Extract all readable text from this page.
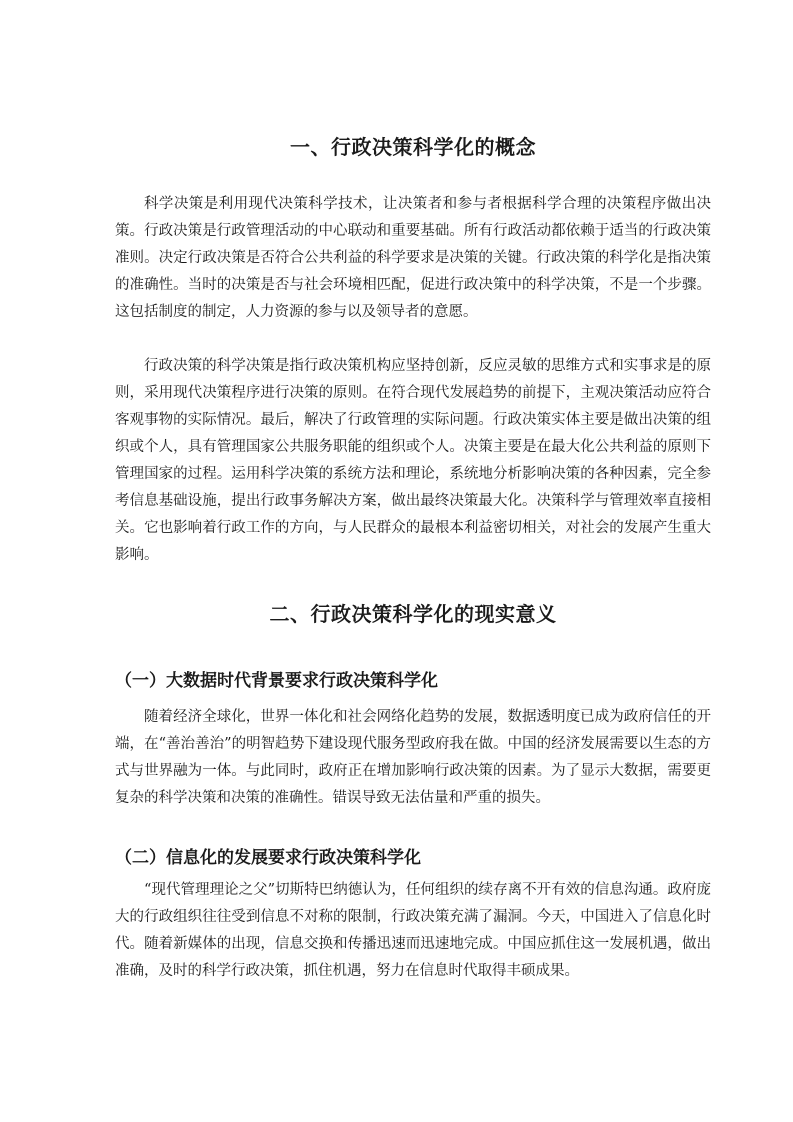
一、行政决策科学化的概念

科学决策是利用现代决策科学技术，让决策者和参与者根据科学合理的决策程序做出决策。行政决策是行政管理活动的中心联动和重要基础。所有行政活动都依赖于适当的行政决策准则。决定行政决策是否符合公共利益的科学要求是决策的关键。行政决策的科学化是指决策的准确性。当时的决策是否与社会环境相匹配，促进行政决策中的科学决策，不是一个步骤。这包括制度的制定，人力资源的参与以及领导者的意愿。

行政决策的科学决策是指行政决策机构应坚持创新，反应灵敏的思维方式和实事求是的原则，采用现代决策程序进行决策的原则。在符合现代发展趋势的前提下，主观决策活动应符合客观事物的实际情况。最后，解决了行政管理的实际问题。行政决策实体主要是做出决策的组织或个人，具有管理国家公共服务职能的组织或个人。决策主要是在最大化公共利益的原则下管理国家的过程。运用科学决策的系统方法和理论，系统地分析影响决策的各种因素，完全参考信息基础设施，提出行政事务解决方案，做出最终决策最大化。决策科学与管理效率直接相关。它也影响着行政工作的方向，与人民群众的最根本利益密切相关，对社会的发展产生重大影响。

二、行政决策科学化的现实意义
（一）大数据时代背景要求行政决策科学化

随着经济全球化，世界一体化和社会网络化趋势的发展，数据透明度已成为政府信任的开端，在“善治善治”的明智趋势下建设现代服务型政府我在做。中国的经济发展需要以生态的方式与世界融为一体。与此同时，政府正在增加影响行政决策的因素。为了显示大数据，需要更复杂的科学决策和决策的准确性。错误导致无法估量和严重的损失。

（二）信息化的发展要求行政决策科学化

“现代管理理论之父”切斯特巴纳德认为，任何组织的续存离不开有效的信息沟通。政府庞大的行政组织往往受到信息不对称的限制，行政决策充满了漏洞。今天，中国进入了信息化时代。随着新媒体的出现，信息交换和传播迅速而迅速地完成。中国应抓住这一发展机遇，做出准确，及时的科学行政决策，抓住机遇，努力在信息时代取得丰硕成果。
